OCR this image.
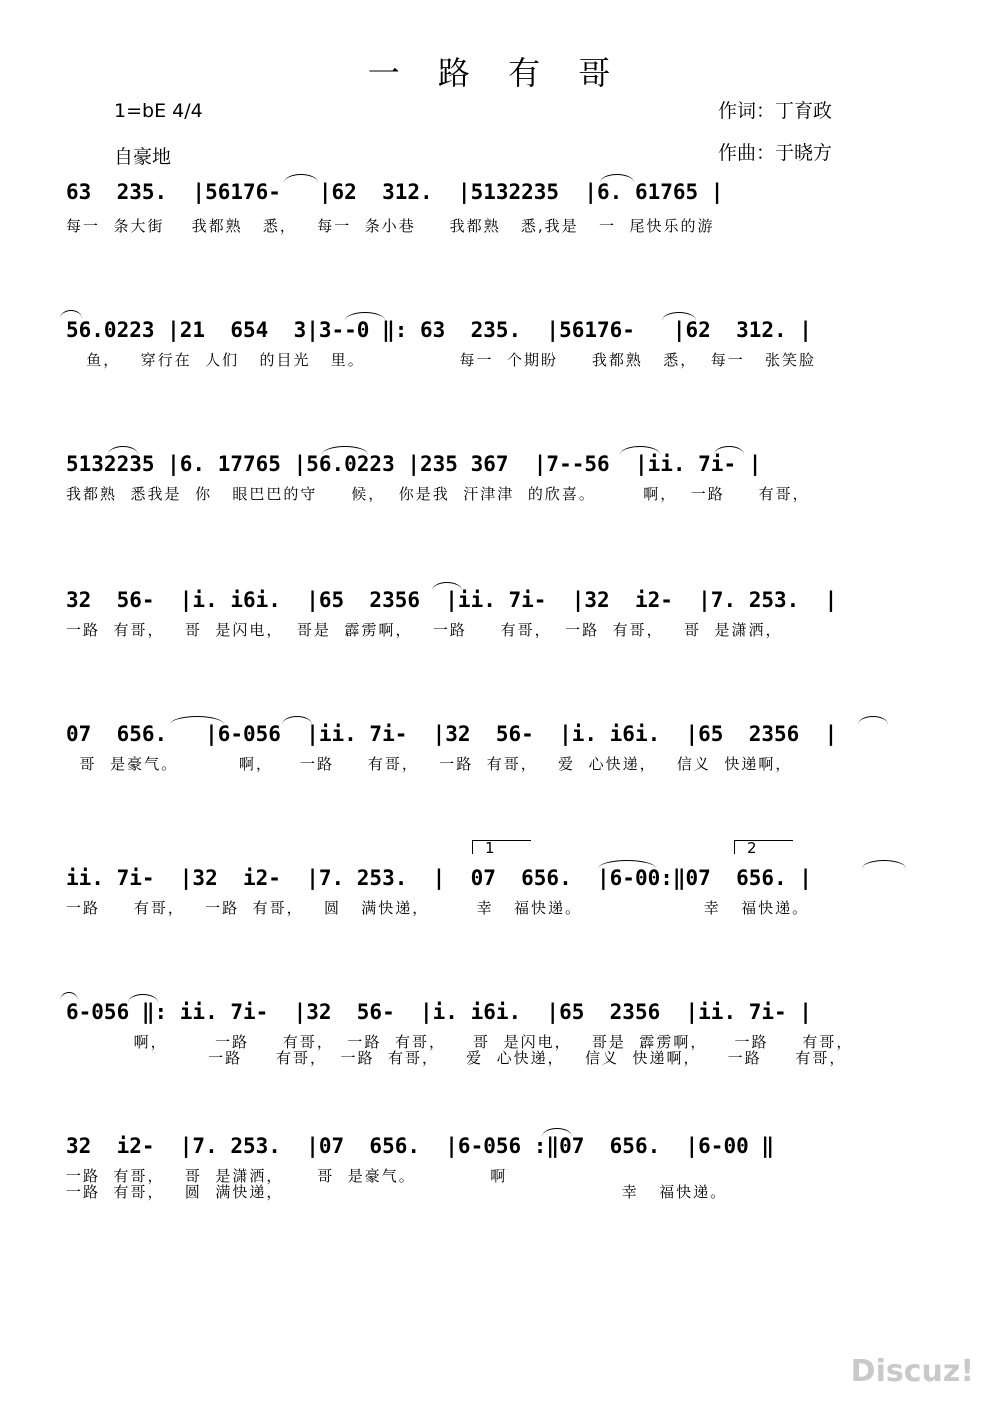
一 路 有 哥
1=bE 4/4
自豪地
作词：丁育政
作曲：于晓方
63  235.  |56176-   |62  312.  |5132235  |6. 61765 |
每一  条大街    我都熟   悉，   每一  条小巷     我都熟   悉,我是   一  尾快乐的游
56.0223 |21  654  3|3--0 ‖: 63  235.  |56176-   |62  312. |
鱼，   穿行在  人们   的目光   里。              每一  个期盼     我都熟   悉，  每一   张笑脸
5132235 |6. 17765 |56.0223 |235 367  |7--56  |ii. 7i- |
我都熟  悉我是  你   眼巴巴的守     候，  你是我  汗津津  的欣喜。       啊，  一路     有哥，
32  56-  |i. i6i.  |65  2356  |ii. 7i-  |32  i2-  |7. 253.  |
一路  有哥，   哥  是闪电，  哥是  霹雳啊，   一路     有哥，  一路  有哥，   哥  是潇洒，
07  656.   |6-056  |ii. 7i-  |32  56-  |i. i6i.  |65  2356  |
哥  是豪气。         啊，    一路     有哥，   一路  有哥，   爱  心快递，   信义  快递啊，
1	2
ii. 7i-  |32  i2-  |7. 253.  |  07  656.  |6-00:‖07  656. |
一路     有哥，   一路  有哥，   圆   满快递，       幸   福快递。                  幸   福快递。
6-056 ‖: ii. 7i-  |32  56-  |i. i6i.  |65  2356  |ii. 7i- |
啊，       一路     有哥，  一路  有哥，    哥  是闪电，   哥是  霹雳啊，    一路     有哥，
一路     有哥，  一路  有哥，    爱  心快递，   信义  快递啊，    一路     有哥，
32  i2-  |7. 253.  |07  656.  |6-056 :‖07  656.  |6-00 ‖
一路  有哥，   哥  是潇洒，     哥  是豪气。           啊
一路  有哥，   圆  满快递，                                                  幸   福快递。
Discuz!
